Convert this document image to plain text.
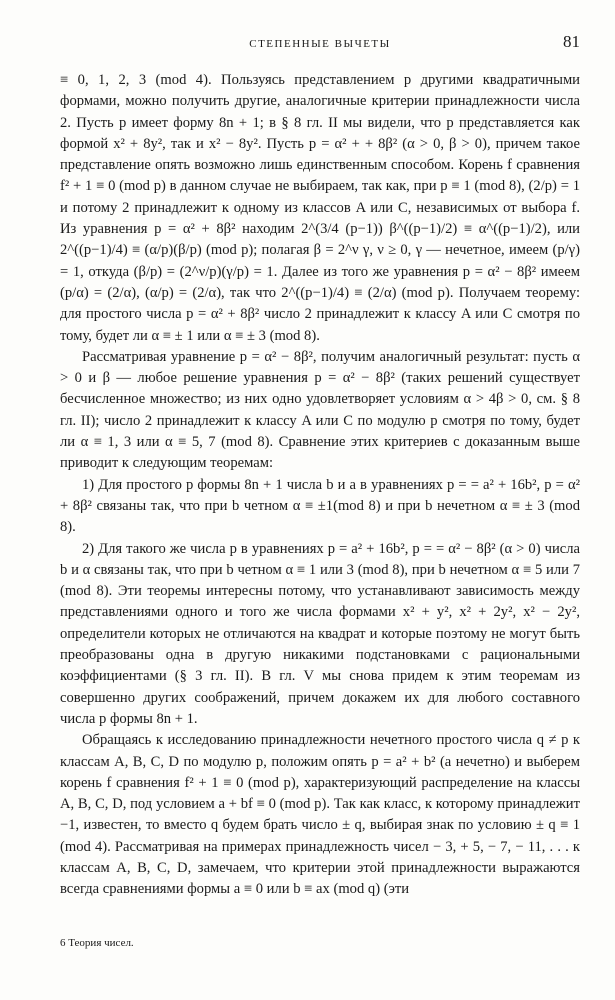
СТЕПЕННЫЕ ВЫЧЕТЫ	81

≡ 0, 1, 2, 3 (mod 4). Пользуясь представлением p другими квадратичными формами, можно получить другие, аналогичные критерии принадлежности числа 2. Пусть p имеет форму 8n + 1; в § 8 гл. II мы видели, что p представляется как формой x² + 8y², так и x² − 8y². Пусть p = α² + + 8β² (α > 0, β > 0), причем такое представление опять возможно лишь единственным способом. Корень f сравнения f² + 1 ≡ 0 (mod p) в данном случае не выбираем, так как, при p ≡ 1 (mod 8), (2/p) = 1 и потому 2 принадлежит к одному из классов A или C, независимых от выбора f. Из уравнения p = α² + 8β² находим 2^(3/4 (p−1)) β^((p−1)/2) ≡ α^((p−1)/2), или 2^((p−1)/4) ≡ (α/p)(β/p) (mod p); полагая β = 2^ν γ, ν ≥ 0, γ — нечетное, имеем (p/γ) = 1, откуда (β/p) = (2^ν/p)(γ/p) = 1. Далее из того же уравнения p = α² − 8β² имеем (p/α) = (2/α), (α/p) = (2/α), так что 2^((p−1)/4) ≡ (2/α) (mod p). Получаем теорему: для простого числа p = α² + 8β² число 2 принадлежит к классу A или C смотря по тому, будет ли α ≡ ± 1 или α ≡ ± 3 (mod 8).

Рассматривая уравнение p = α² − 8β², получим аналогичный результат: пусть α > 0 и β — любое решение уравнения p = α² − 8β² (таких решений существует бесчисленное множество; из них одно удовлетворяет условиям α > 4β > 0, см. § 8 гл. II); число 2 принадлежит к классу A или C по модулю p смотря по тому, будет ли α ≡ 1, 3 или α ≡ 5, 7 (mod 8). Сравнение этих критериев с доказанным выше приводит к следующим теоремам:

1) Для простого p формы 8n + 1 числа b и a в уравнениях p = = a² + 16b², p = α² + 8β² связаны так, что при b четном α ≡ ±1(mod 8) и при b нечетном α ≡ ± 3 (mod 8).

2) Для такого же числа p в уравнениях p = a² + 16b², p = = α² − 8β² (α > 0) числа b и α связаны так, что при b четном α ≡ 1 или 3 (mod 8), при b нечетном α ≡ 5 или 7 (mod 8). Эти теоремы интересны потому, что устанавливают зависимость между представлениями одного и того же числа формами x² + y², x² + 2y², x² − 2y², определители которых не отличаются на квадрат и которые поэтому не могут быть преобразованы одна в другую никакими подстановками с рациональными коэффициентами (§ 3 гл. II). В гл. V мы снова придем к этим теоремам из совершенно других соображений, причем докажем их для любого составного числа p формы 8n + 1.

Обращаясь к исследованию принадлежности нечетного простого числа q ≠ p к классам A, B, C, D по модулю p, положим опять p = a² + b² (a нечетно) и выберем корень f сравнения f² + 1 ≡ 0 (mod p), характеризующий распределение на классы A, B, C, D, под условием a + bf ≡ 0 (mod p). Так как класс, к которому принадлежит −1, известен, то вместо q будем брать число ± q, выбирая знак по условию ± q ≡ 1 (mod 4). Рассматривая на примерах принадлежность чисел − 3, + 5, − 7, − 11, . . . к классам A, B, C, D, замечаем, что критерии этой принадлежности выражаются всегда сравнениями формы a ≡ 0 или b ≡ ax (mod q) (эти

6 Теория чисел.
